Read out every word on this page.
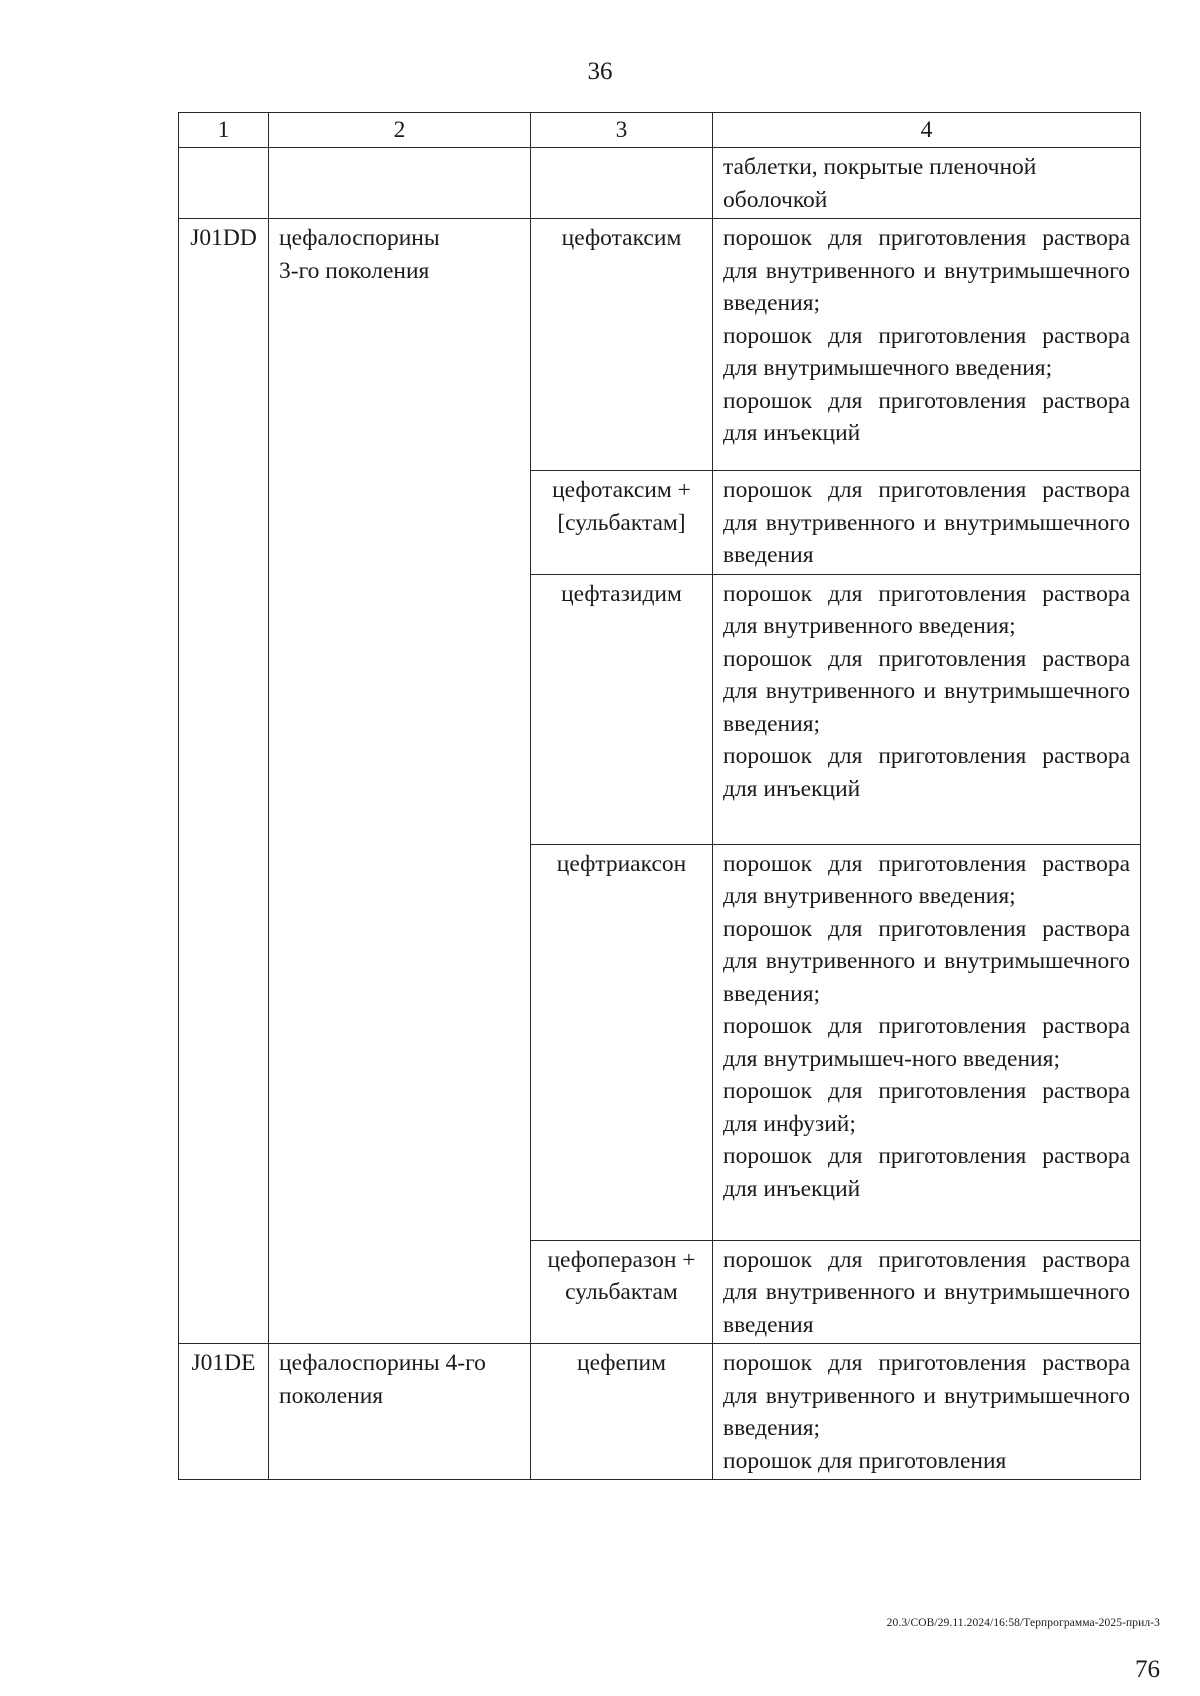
36
1	2	3	4

			таблетки, покрытые пленочной
оболочкой

J01DD	цефалоспорины
3-го поколения	цефотаксим	порошок для приготовления раствора для внутривенного и внутримышечного введения;
порошок для приготовления раствора для внутримышечного введения;
порошок для приготовления раствора для инъекций

		цефотаксим +
[сульбактам]	порошок для приготовления раствора для внутривенного и внутримышечного введения

		цефтазидим	порошок для приготовления раствора для внутривенного введения;
порошок для приготовления раствора для внутривенного и внутримышечного введения;
порошок для приготовления раствора для инъекций

		цефтриаксон	порошок для приготовления раствора для внутривенного введения;
порошок для приготовления раствора для внутривенного и внутримышечного введения;
порошок для приготовления раствора для внутримышеч-ного введения;
порошок для приготовления раствора для инфузий;
порошок для приготовления раствора для инъекций

		цефоперазон +
сульбактам	порошок для приготовления раствора для внутривенного и внутримышечного введения

J01DE	цефалоспорины 4-го
поколения	цефепим	порошок для приготовления раствора для внутривенного и внутримышечного введения;
порошок для приготовления
20.3/СОВ/29.11.2024/16:58/Терпрограмма-2025-прил-3
76
